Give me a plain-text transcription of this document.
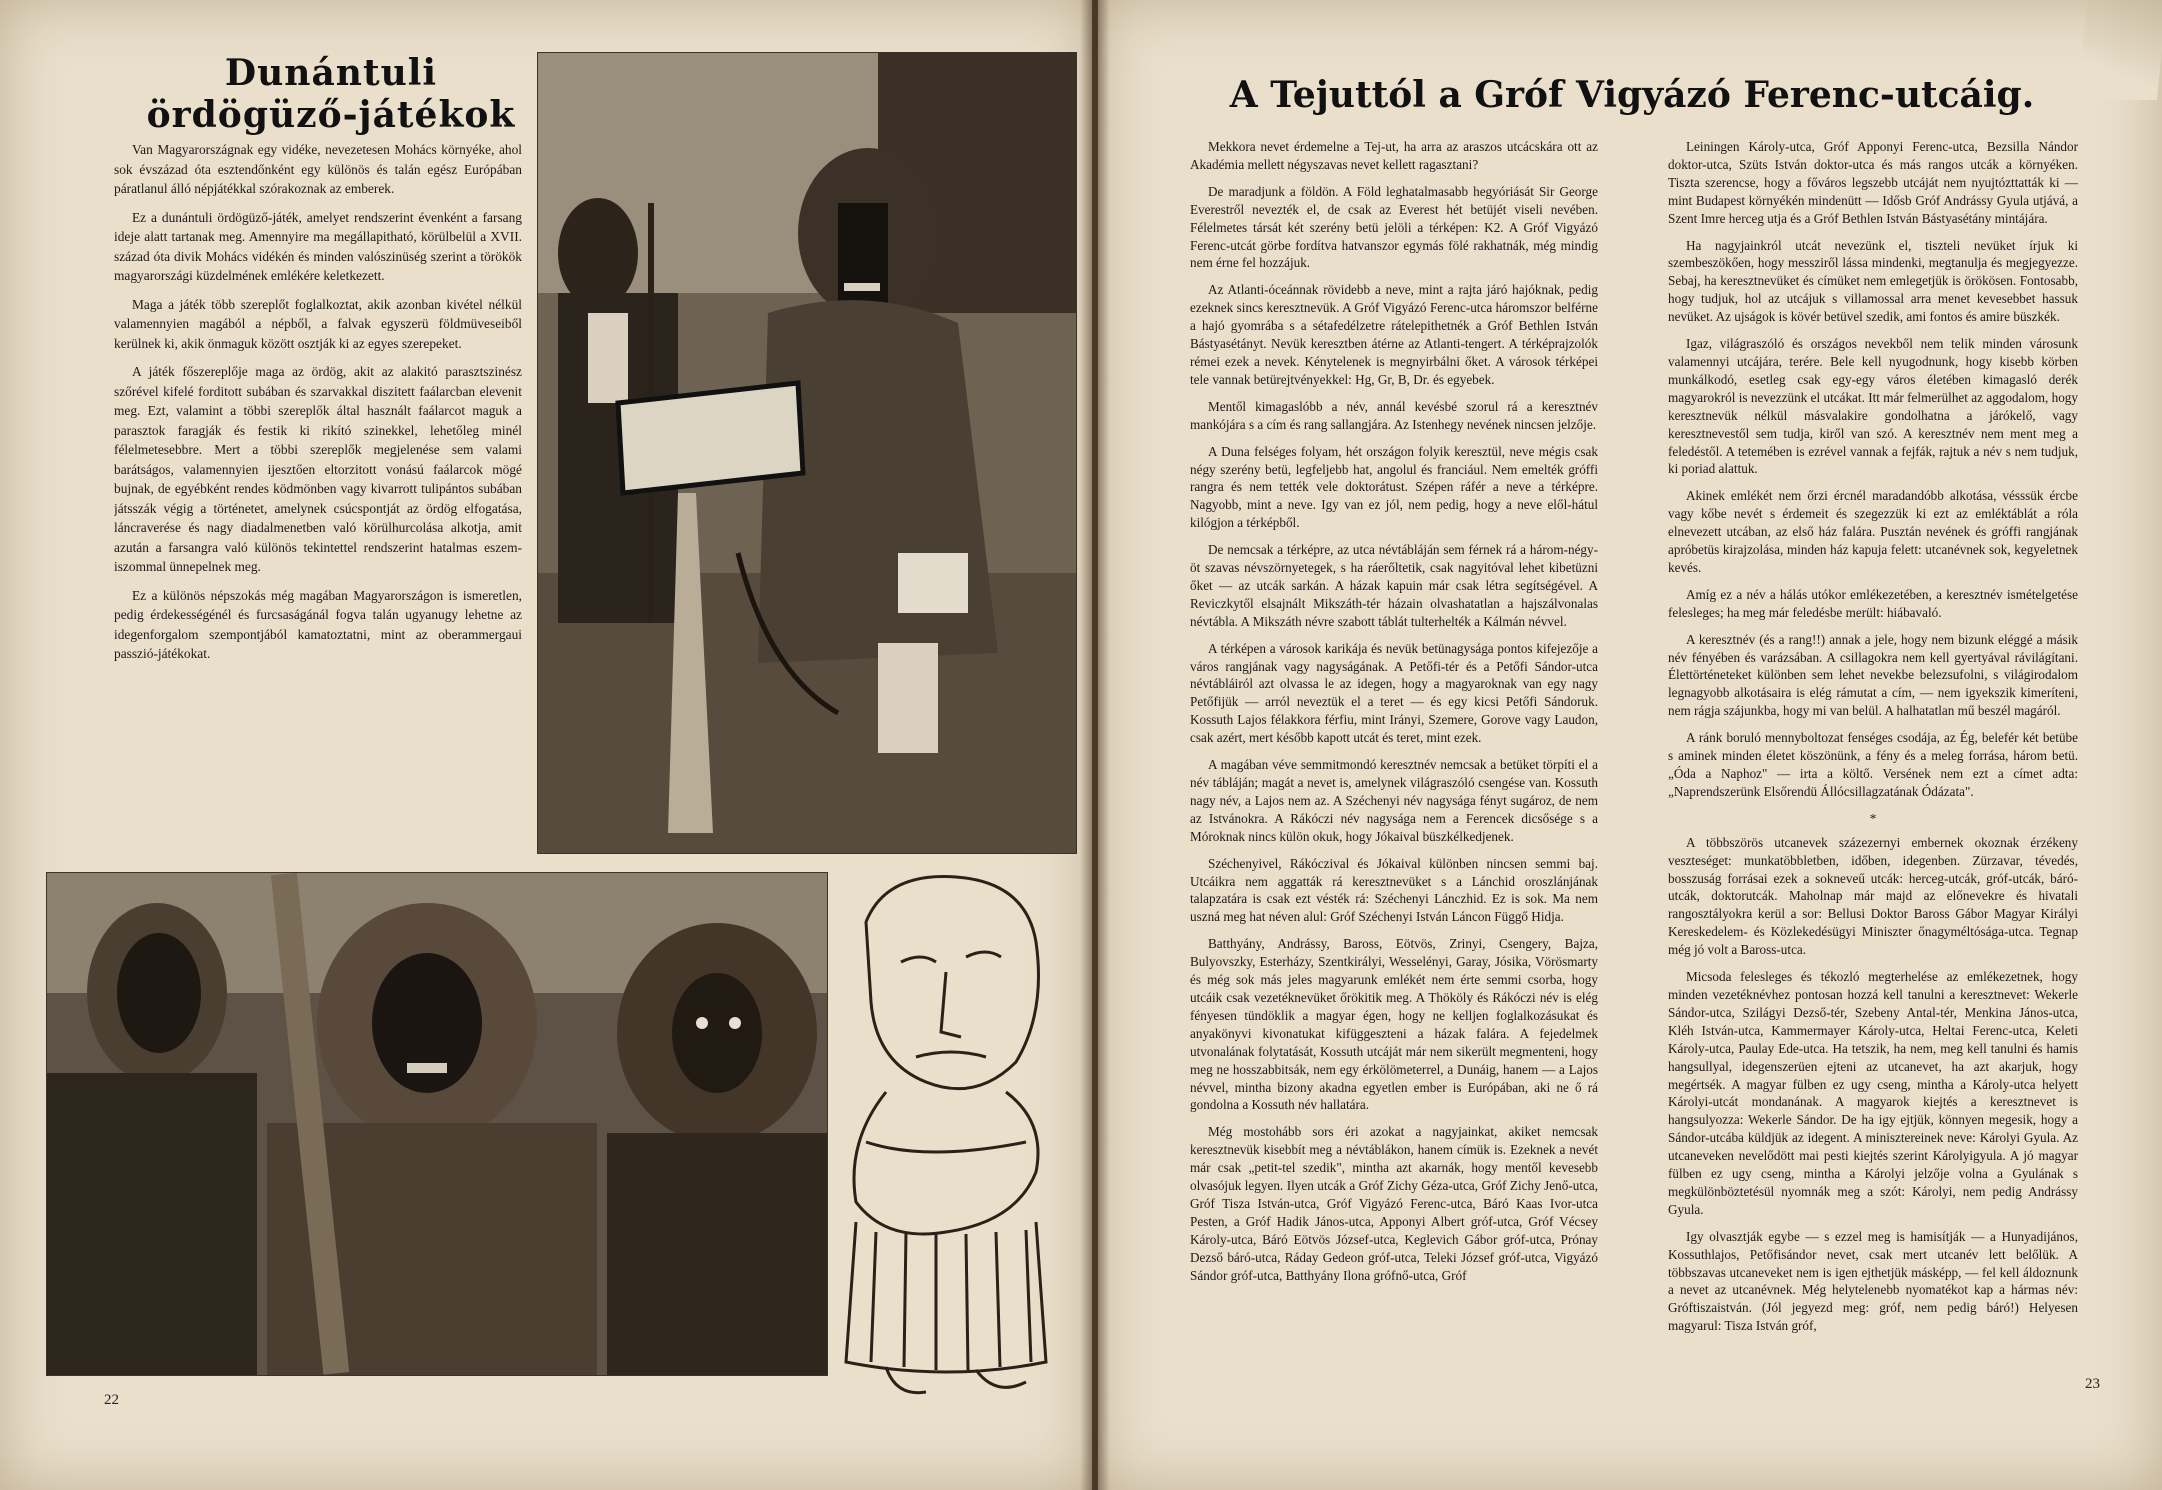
Dunántuli ördögüző-játékok

Van Magyarországnak egy vidéke, nevezetesen Mohács környéke, ahol sok évszázad óta esztendőnként egy különös és talán egész Európában páratlanul álló népjátékkal szórakoznak az emberek.

Ez a dunántuli ördögüző-játék, amelyet rendszerint évenként a farsang ideje alatt tartanak meg. Amennyire ma megállapitható, körülbelül a XVII. század óta divik Mohács vidékén és minden valószinüség szerint a törökök magyarországi küzdelmének emlékére keletkezett.

Maga a játék több szereplőt foglalkoztat, akik azonban kivétel nélkül valamennyien magából a népből, a falvak egyszerü földmüveseiből kerülnek ki, akik önmaguk között osztják ki az egyes szerepeket.

A játék főszereplője maga az ördög, akit az alakitó parasztszinész szőrével kifelé forditott subában és szarvakkal diszitett faálarcban elevenit meg. Ezt, valamint a többi szereplők által használt faálarcot maguk a parasztok faragják és festik ki rikító szinekkel, lehetőleg minél félelmetesebbre. Mert a többi szereplők megjelenése sem valami barátságos, valamennyien ijesztően eltorzitott vonású faálarcok mögé bujnak, de egyébként rendes ködmönben vagy kivarrott tulipántos subában játsszák végig a történetet, amelynek csúcspontját az ördög elfogatása, láncraverése és nagy diadalmenetben való körülhurcolása alkotja, amit azután a farsangra való különös tekintettel rendszerint hatalmas eszem-iszommal ünnepelnek meg.

Ez a különös népszokás még magában Magyarországon is ismeretlen, pedig érdekességénél és furcsaságánál fogva talán ugyanugy lehetne az idegenforgalom szempontjából kamatoztatni, mint az oberammergaui passzió-játékokat.

22
A Tejuttól a Gróf Vigyázó Ferenc-utcáig.

Mekkora nevet érdemelne a Tej-ut, ha arra az araszos utcácskára ott az Akadémia mellett négyszavas nevet kellett ragasztani?

De maradjunk a földön. A Föld leghatalmasabb hegyóriását Sir George Everestről nevezték el, de csak az Everest hét betüjét viseli nevében. Félelmetes társát két szerény betü jelöli a térképen: K2. A Gróf Vigyázó Ferenc-utcát görbe fordítva hatvanszor egymás fölé rakhatnák, még mindig nem érne fel hozzájuk.

Az Atlanti-óceánnak rövidebb a neve, mint a rajta járó hajóknak, pedig ezeknek sincs keresztnevük. A Gróf Vigyázó Ferenc-utca háromszor belférne a hajó gyomrába s a sétafedélzetre rátelepithetnék a Gróf Bethlen István Bástyasétányt. Nevük keresztben átérne az Atlanti-tengert. A térképrajzolók rémei ezek a nevek. Kénytelenek is megnyirbálni őket. A városok térképei tele vannak betürejtvényekkel: Hg, Gr, B, Dr. és egyebek.

Mentől kimagaslóbb a név, annál kevésbé szorul rá a keresztnév mankójára s a cím és rang sallangjára. Az Istenhegy nevének nincsen jelzője.

A Duna felséges folyam, hét országon folyik keresztül, neve mégis csak négy szerény betü, legfeljebb hat, angolul és franciául. Nem emelték gróffi rangra és nem tették vele doktorátust. Szépen ráfér a neve a térképre. Nagyobb, mint a neve. Igy van ez jól, nem pedig, hogy a neve elől-hátul kilógjon a térképből.

De nemcsak a térképre, az utca névtábláján sem férnek rá a három-négy-öt szavas névszörnyetegek, s ha ráerőltetik, csak nagyitóval lehet kibetüzni őket — az utcák sarkán. A házak kapuin már csak létra segítségével. A Reviczkytől elsajnált Mikszáth-tér házain olvashatatlan a hajszálvonalas névtábla. A Mikszáth névre szabott táblát tulterhelték a Kálmán névvel.

A térképen a városok karikája és nevük betünagysága pontos kifejezője a város rangjának vagy nagyságának. A Petőfi-tér és a Petőfi Sándor-utca névtábláiról azt olvassa le az idegen, hogy a magyaroknak van egy nagy Petőfijük — arról neveztük el a teret — és egy kicsi Petőfi Sándoruk. Kossuth Lajos félakkora férfiu, mint Irányi, Szemere, Gorove vagy Laudon, csak azért, mert később kapott utcát és teret, mint ezek.

A magában véve semmitmondó keresztnév nemcsak a betüket törpíti el a név tábláján; magát a nevet is, amelynek világraszóló csengése van. Kossuth nagy név, a Lajos nem az. A Széchenyi név nagysága fényt sugároz, de nem az Istvánokra. A Rákóczi név nagysága nem a Ferencek dicsősége s a Móroknak nincs külön okuk, hogy Jókaival büszkélkedjenek.

Széchenyivel, Rákóczival és Jókaival különben nincsen semmi baj. Utcáikra nem aggatták rá keresztnevüket s a Lánchid oroszlánjának talapzatára is csak ezt vésték rá: Széchenyi Lánczhid. Ez is sok. Ma nem uszná meg hat néven alul: Gróf Széchenyi István Láncon Függő Hidja.

Batthyány, Andrássy, Baross, Eötvös, Zrinyi, Csengery, Bajza, Bulyovszky, Esterházy, Szentkirályi, Wesselényi, Garay, Jósika, Vörösmarty és még sok más jeles magyarunk emlékét nem érte semmi csorba, hogy utcáik csak vezetéknevüket őrökitik meg. A Thököly és Rákóczi név is elég fényesen tündöklik a magyar égen, hogy ne kelljen foglalkozásukat és anyakönyvi kivonatukat kifüggeszteni a házak falára. A fejedelmek utvonalának folytatását, Kossuth utcáját már nem sikerült megmenteni, hogy meg ne hosszabbitsák, nem egy érkölömeterrel, a Dunáig, hanem — a Lajos névvel, mintha bizony akadna egyetlen ember is Európában, aki ne ő rá gondolna a Kossuth név hallatára.

Még mostohább sors éri azokat a nagyjainkat, akiket nemcsak keresztnevük kisebbít meg a névtáblákon, hanem címük is. Ezeknek a nevét már csak „petit-tel szedik", mintha azt akarnák, hogy mentől kevesebb olvasójuk legyen. Ilyen utcák a Gróf Zichy Géza-utca, Gróf Zichy Jenő-utca, Gróf Tisza István-utca, Gróf Vigyázó Ferenc-utca, Báró Kaas Ivor-utca Pesten, a Gróf Hadik János-utca, Apponyi Albert gróf-utca, Gróf Vécsey Károly-utca, Báró Eötvös József-utca, Keglevich Gábor gróf-utca, Prónay Dezső báró-utca, Ráday Gedeon gróf-utca, Teleki József gróf-utca, Vigyázó Sándor gróf-utca, Batthyány Ilona grófnő-utca, Gróf

Leiningen Károly-utca, Gróf Apponyi Ferenc-utca, Bezsilla Nándor doktor-utca, Szüts István doktor-utca és más rangos utcák a környéken. Tiszta szerencse, hogy a főváros legszebb utcáját nem nyujtózttatták ki — mint Budapest környékén mindenütt — Idősb Gróf Andrássy Gyula utjává, a Szent Imre herceg utja és a Gróf Bethlen István Bástyasétány mintájára.

Ha nagyjainkról utcát nevezünk el, tiszteli nevüket írjuk ki szembeszökően, hogy messziről lássa mindenki, megtanulja és megjegyezze. Sebaj, ha keresztnevüket és címüket nem emlegetjük is örökösen. Fontosabb, hogy tudjuk, hol az utcájuk s villamossal arra menet kevesebbet hassuk nevüket. Az ujságok is kövér betüvel szedik, ami fontos és amire büszkék.

Igaz, világraszóló és országos nevekből nem telik minden városunk valamennyi utcájára, terére. Bele kell nyugodnunk, hogy kisebb körben munkálkodó, esetleg csak egy-egy város életében kimagasló derék magyarokról is nevezzünk el utcákat. Itt már felmerülhet az aggodalom, hogy keresztnevük nélkül másvalakire gondolhatna a járókelő, vagy keresztnevestől sem tudja, kiről van szó. A keresztnév nem ment meg a feledéstől. A tetemében is ezrével vannak a fejfák, rajtuk a név s nem tudjuk, ki poriad alattuk.

Akinek emlékét nem őrzi ércnél maradandóbb alkotása, vésssük ércbe vagy kőbe nevét s érdemeit és szegezzük ki ezt az emléktáblát a róla elnevezett utcában, az első ház falára. Pusztán nevének és gróffi rangjának apróbetüs kirajzolása, minden ház kapuja felett: utcanévnek sok, kegyeletnek kevés.

Amíg ez a név a hálás utókor emlékezetében, a keresztnév ismételgetése felesleges; ha meg már feledésbe merült: hiábavaló.

A keresztnév (és a rang!!) annak a jele, hogy nem bizunk eléggé a másik név fényében és varázsában. A csillagokra nem kell gyertyával rávilágítani. Élettörténeteket különben sem lehet nevekbe belezsufolni, s világirodalom legnagyobb alkotásaira is elég rámutat a cím, — nem igyekszik kimeríteni, nem rágja szájunkba, hogy mi van belül. A halhatatlan mű beszél magáról.

A ránk boruló mennyboltozat fenséges csodája, az Ég, belefér két betübe s aminek minden életet köszönünk, a fény és a meleg forrása, három betü. „Óda a Naphoz" — irta a költő. Versének nem ezt a címet adta: „Naprendszerünk Elsőrendü Állócsillagzatának Ódázata".

*

A többszörös utcanevek százezernyi embernek okoznak érzékeny veszteséget: munkatöbbletben, időben, idegenben. Zürzavar, tévedés, bosszuság forrásai ezek a sokneveű utcák: herceg-utcák, gróf-utcák, báró-utcák, doktorutcák. Maholnap már majd az előnevekre és hivatali rangosztályokra kerül a sor: Bellusi Doktor Baross Gábor Magyar Királyi Kereskedelem- és Közlekedésügyi Miniszter őnagyméltósága-utca. Tegnap még jó volt a Baross-utca.

Micsoda felesleges és tékozló megterhelése az emlékezetnek, hogy minden vezetéknévhez pontosan hozzá kell tanulni a keresztnevet: Wekerle Sándor-utca, Szilágyi Dezső-tér, Szebeny Antal-tér, Menkina János-utca, Kléh István-utca, Kammermayer Károly-utca, Heltai Ferenc-utca, Keleti Károly-utca, Paulay Ede-utca. Ha tetszik, ha nem, meg kell tanulni és hamis hangsullyal, idegenszerüen ejteni az utcanevet, ha azt akarjuk, hogy megértsék. A magyar fülben ez ugy cseng, mintha a Károly-utca helyett Károlyi-utcát mondanának. A magyarok kiejtés a keresztnevet is hangsulyozza: Wekerle Sándor. De ha igy ejtjük, könnyen megesik, hogy a Sándor-utcába küldjük az idegent. A minisztereinek neve: Károlyi Gyula. Az utcaneveken nevelődött mai pesti kiejtés szerint Károlyigyula. A jó magyar fülben ez ugy cseng, mintha a Károlyi jelzője volna a Gyulának s megkülönböztetésül nyomnák meg a szót: Károlyi, nem pedig Andrássy Gyula.

Igy olvasztják egybe — s ezzel meg is hamisítják — a Hunyadijános, Kossuthlajos, Petőfisándor nevet, csak mert utcanév lett belőlük. A többszavas utcaneveket nem is igen ejthetjük másképp, — fel kell áldoznunk a nevet az utcanévnek. Még helytelenebb nyomatékot kap a hármas név: Gróftiszaistván. (Jól jegyezd meg: gróf, nem pedig báró!) Helyesen magyarul: Tisza István gróf,

23
